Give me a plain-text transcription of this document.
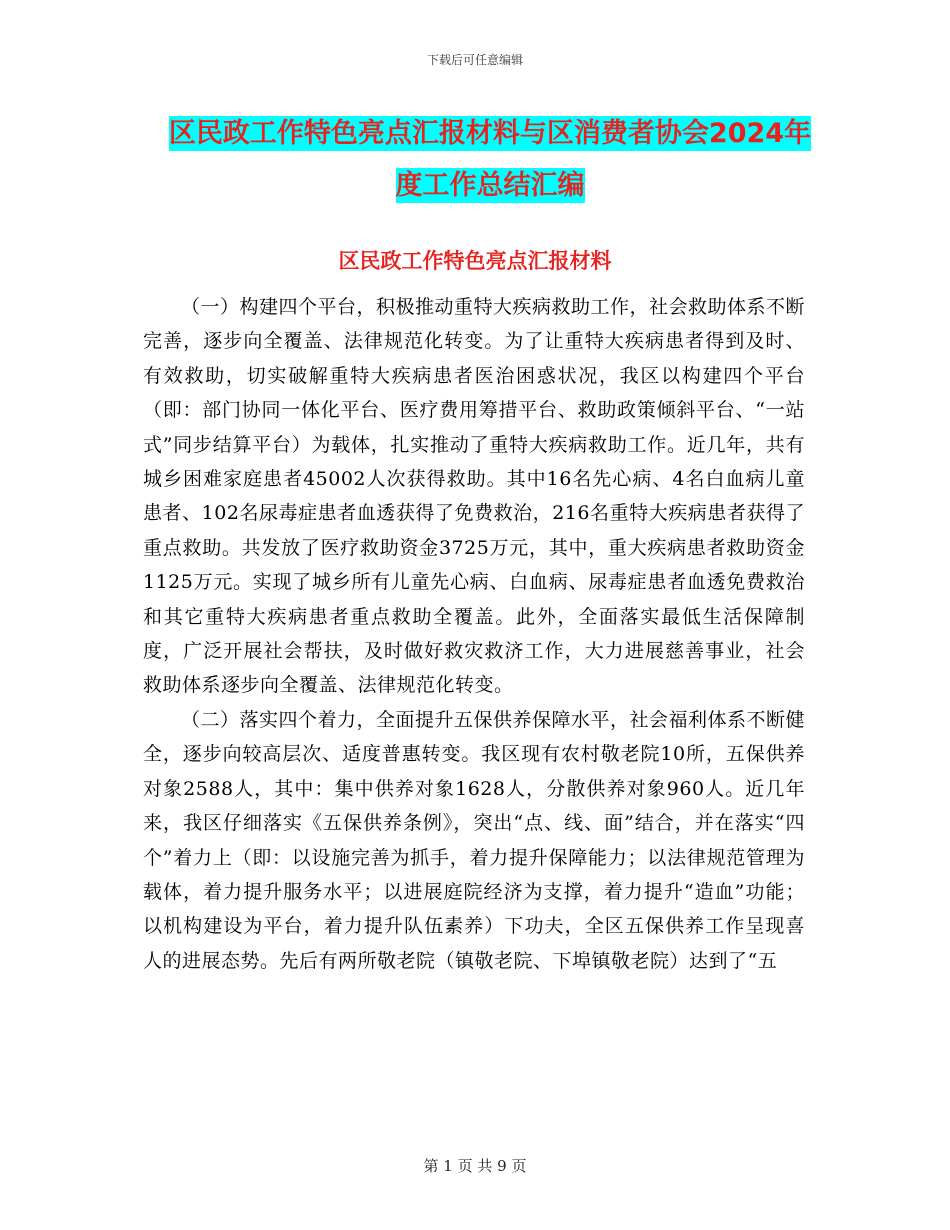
下载后可任意编辑
区民政工作特色亮点汇报材料与区消费者协会2024年
度工作总结汇编
区民政工作特色亮点汇报材料

（一）构建四个平台，积极推动重特大疾病救助工作，社会救助体系不断完善，逐步向全覆盖、法律规范化转变。为了让重特大疾病患者得到及时、有效救助，切实破解重特大疾病患者医治困惑状况，我区以构建四个平台（即：部门协同一体化平台、医疗费用筹措平台、救助政策倾斜平台、“一站式”同步结算平台）为载体，扎实推动了重特大疾病救助工作。近几年，共有城乡困难家庭患者45002人次获得救助。其中16名先心病、4名白血病儿童患者、102名尿毒症患者血透获得了免费救治，216名重特大疾病患者获得了重点救助。共发放了医疗救助资金3725万元，其中，重大疾病患者救助资金1125万元。实现了城乡所有儿童先心病、白血病、尿毒症患者血透免费救治和其它重特大疾病患者重点救助全覆盖。此外，全面落实最低生活保障制度，广泛开展社会帮扶，及时做好救灾救济工作，大力进展慈善事业，社会救助体系逐步向全覆盖、法律规范化转变。

（二）落实四个着力，全面提升五保供养保障水平，社会福利体系不断健全，逐步向较高层次、适度普惠转变。我区现有农村敬老院10所，五保供养对象2588人，其中：集中供养对象1628人，分散供养对象960人。近几年来，我区仔细落实《五保供养条例》，突出“点、线、面”结合，并在落实“四个”着力上（即：以设施完善为抓手，着力提升保障能力；以法律规范管理为载体，着力提升服务水平；以进展庭院经济为支撑，着力提升“造血”功能；以机构建设为平台，着力提升队伍素养）下功夫，全区五保供养工作呈现喜人的进展态势。先后有两所敬老院（镇敬老院、下埠镇敬老院）达到了“五

第 1 页 共 9 页
